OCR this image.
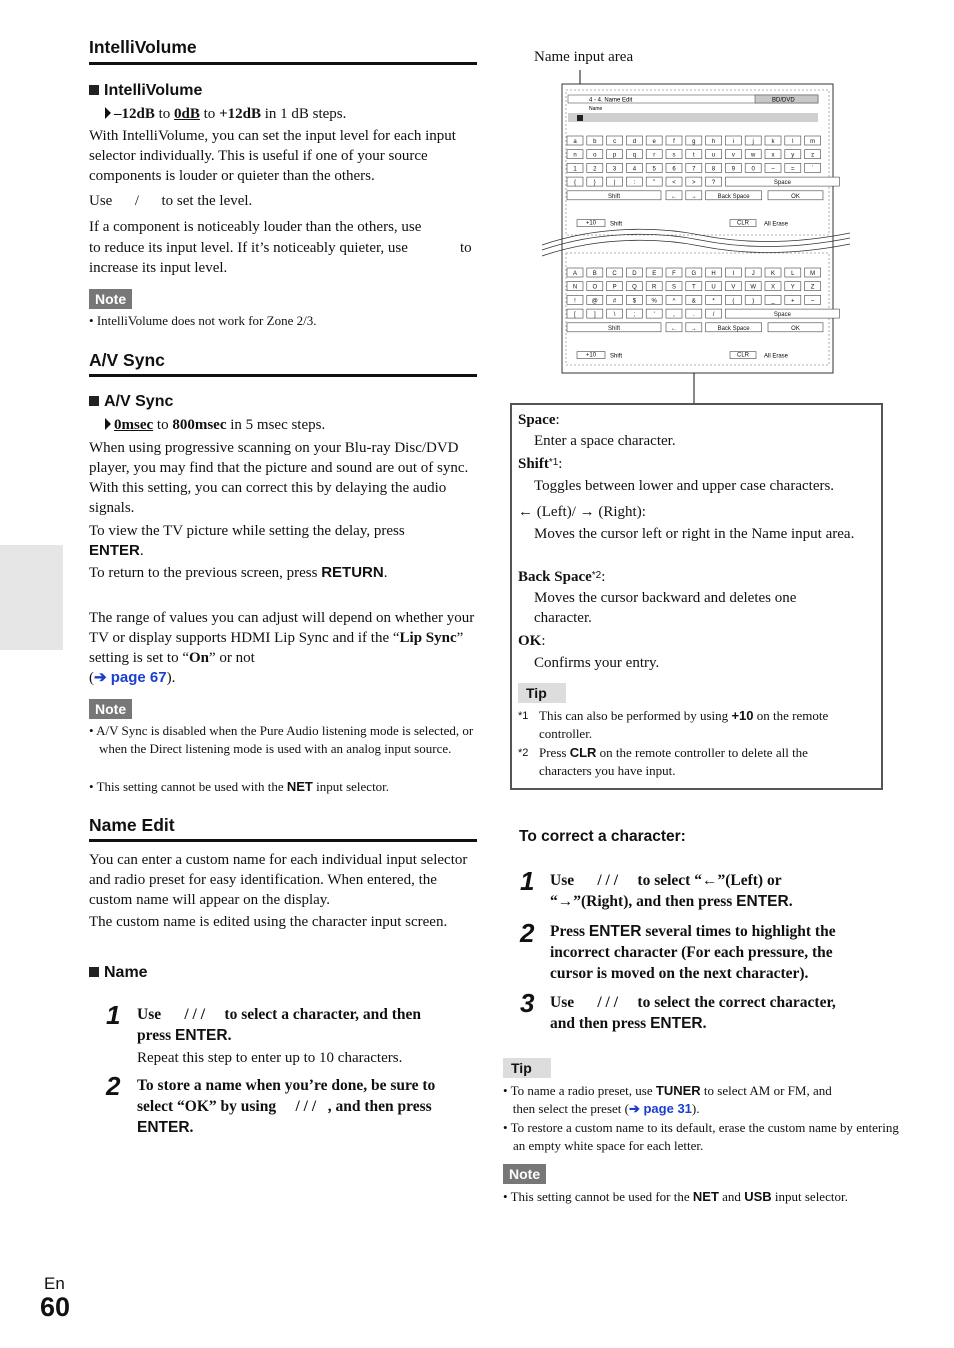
IntelliVolume
IntelliVolume
–12dB to 0dB to +12dB in 1 dB steps.
With IntelliVolume, you can set the input level for each input selector individually. This is useful if one of your source components is louder or quieter than the others.
Use / to set the level.
If a component is noticeably louder than the others, use
to reduce its input level. If it’s noticeably quieter, use	to
increase its input level.
Note
• IntelliVolume does not work for Zone 2/3.
A/V Sync
A/V Sync
0msec to 800msec in 5 msec steps.
When using progressive scanning on your Blu-ray Disc/DVD player, you may find that the picture and sound are out of sync. With this setting, you can correct this by delaying the audio signals.
To view the TV picture while setting the delay, press
ENTER.
To return to the previous screen, press RETURN.
The range of values you can adjust will depend on whether your TV or display supports HDMI Lip Sync and if the “Lip Sync” setting is set to “On” or not
(➔ page 67).
Note
• A/V Sync is disabled when the Pure Audio listening mode is selected, or when the Direct listening mode is used with an analog input source.
• This setting cannot be used with the NET input selector.
Name Edit
You can enter a custom name for each individual input selector and radio preset for easy identification. When entered, the custom name will appear on the display.
The custom name is edited using the character input screen.
Name
1 Use / / / to select a character, and then
press ENTER.
Repeat this step to enter up to 10 characters.
2 To store a name when you’re done, be sure to
select “OK” by using / / / , and then press
ENTER.
Name input area
4 - 4. Name Edit	BD/DVD
Name
a	b	c	d	e	f	g	h	i	j	k	l	m
n	o	p	q	r	s	t	u	v	w	x	y	z
1	2	3	4	5	6	7	8	9	0	–	=	`
{	}	|	:	"	<	>	?	Space
Shift	← →	Back Space	OK
+10 Shift	CLR All Erase
A	B	C	D	E	F	G	H	I	J	K	L	M
N	O	P	Q	R	S	T	U	V W X	Y	Z
!	@	#	$	%	^	&	*	(	)	_	+	~
[	]	\	;	'	,	.	/	Space
Shift	← →	Back Space	OK
+10 Shift	CLR All Erase
Space:
Enter a space character.
Shift$^{*1}$:
Toggles between lower and upper case characters.
← (Left)/ → (Right):
Moves the cursor left or right in the Name input area.
Back Space$^{*2}$:
Moves the cursor backward and deletes one character.
OK:
Confirms your entry.
Tip
*1 This can also be performed by using +10 on the remote controller.
*2 Press CLR on the remote controller to delete all the characters you have input.
To correct a character:
1 Use / / / to select “←”(Left) or
“→”(Right), and then press ENTER.
2 Press ENTER several times to highlight the
incorrect character (For each pressure, the
cursor is moved on the next character).
3 Use / / / to select the correct character,
and then press ENTER.
Tip
• To name a radio preset, use TUNER to select AM or FM, and
then select the preset (➔ page 31).
• To restore a custom name to its default, erase the custom name by entering an empty white space for each letter.
Note
• This setting cannot be used for the NET and USB input selector.
En
60
